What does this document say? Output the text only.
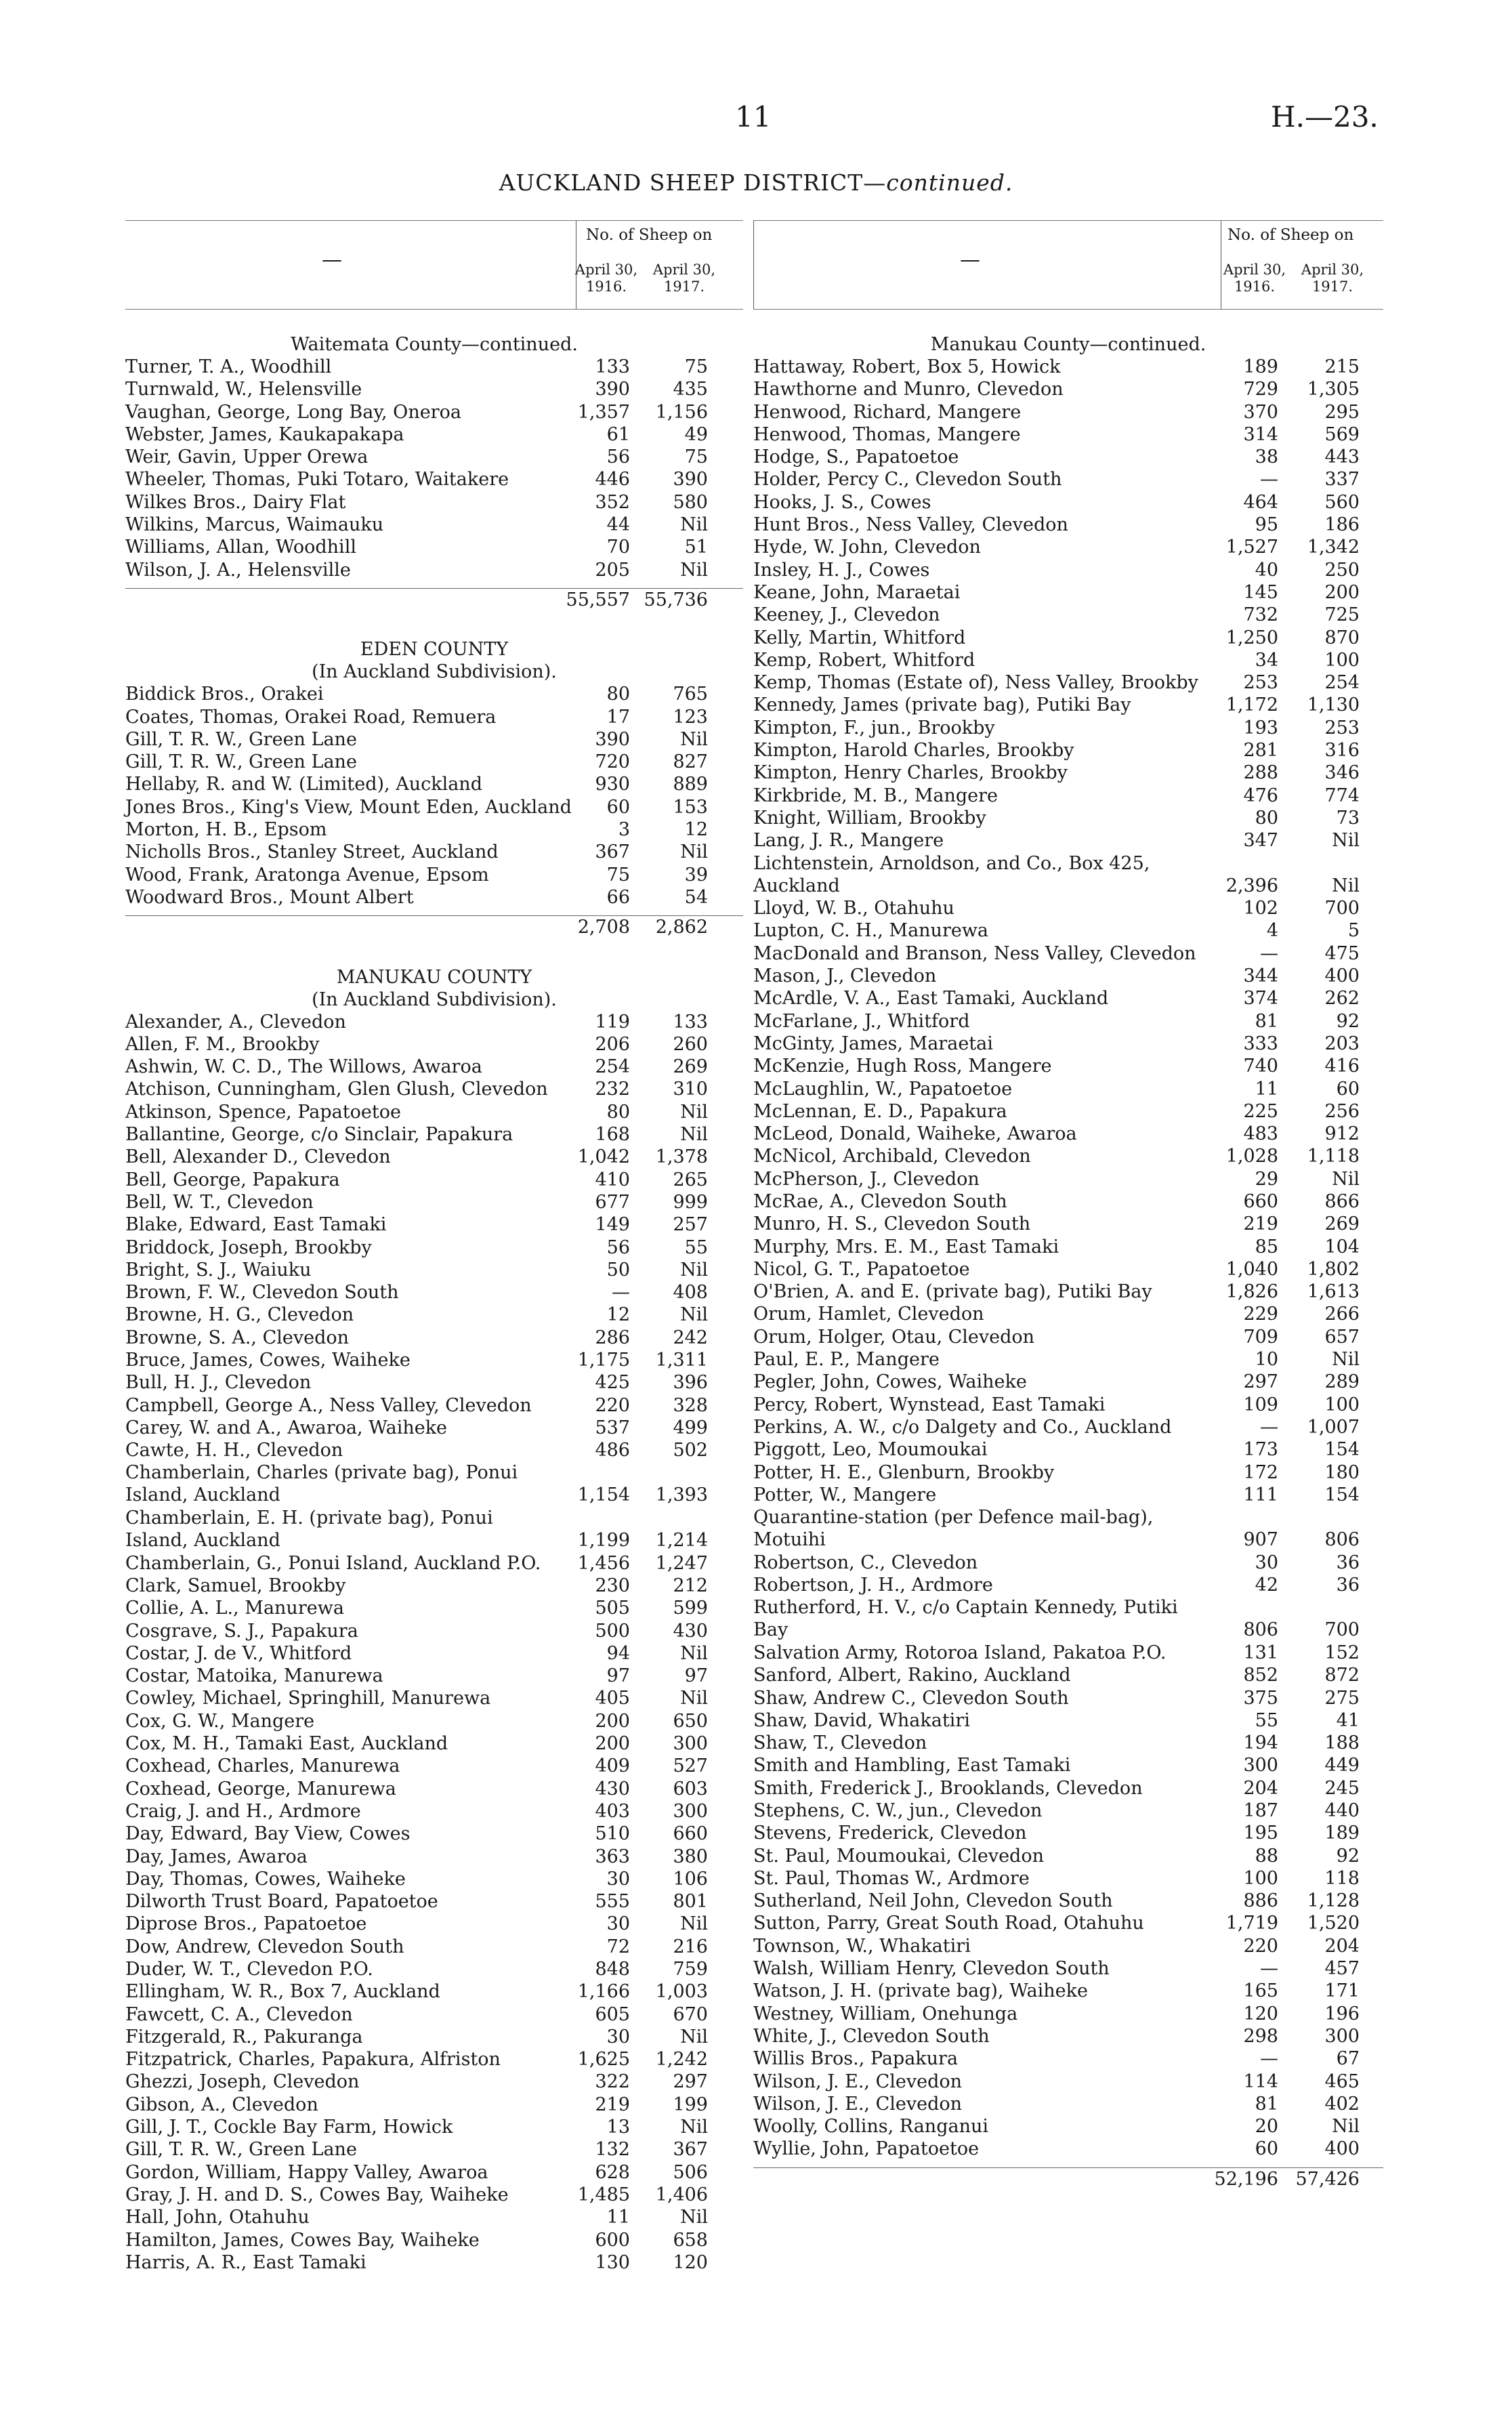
11	H.—23.
AUCKLAND SHEEP DISTRICT—continued.
—
No. of Sheep on
April 30, 1916.
April 30, 1917.
Waitemata County—continued.
Turner, T. A., Woodhill	133	75
Turnwald, W., Helensville	390	435
Vaughan, George, Long Bay, Oneroa	1,357	1,156
Webster, James, Kaukapakapa	61	49
Weir, Gavin, Upper Orewa	56	75
Wheeler, Thomas, Puki Totaro, Waitakere	446	390
Wilkes Bros., Dairy Flat	352	580
Wilkins, Marcus, Waimauku	44	Nil
Williams, Allan, Woodhill	70	51
Wilson, J. A., Helensville	205	Nil
55,557 55,736
EDEN COUNTY
(In Auckland Subdivision).
Biddick Bros., Orakei	80	765
Coates, Thomas, Orakei Road, Remuera	17	123
Gill, T. R. W., Green Lane	390	Nil
Gill, T. R. W., Green Lane	720	827
Hellaby, R. and W. (Limited), Auckland	930	889
Jones Bros., King's View, Mount Eden, Auckland	60	153
Morton, H. B., Epsom	3	12
Nicholls Bros., Stanley Street, Auckland	367	Nil
Wood, Frank, Aratonga Avenue, Epsom	75	39
Woodward Bros., Mount Albert	66	54
2,708	2,862
MANUKAU COUNTY
(In Auckland Subdivision).
Alexander, A., Clevedon	119	133
Allen, F. M., Brookby	206	260
Ashwin, W. C. D., The Willows, Awaroa	254	269
Atchison, Cunningham, Glen Glush, Clevedon	232	310
Atkinson, Spence, Papatoetoe	80	Nil
Ballantine, George, c/o Sinclair, Papakura	168	Nil
Bell, Alexander D., Clevedon	1,042	1,378
Bell, George, Papakura	410	265
Bell, W. T., Clevedon	677	999
Blake, Edward, East Tamaki	149	257
Briddock, Joseph, Brookby	56	55
Bright, S. J., Waiuku	50	Nil
Brown, F. W., Clevedon South	—	408
Browne, H. G., Clevedon	12	Nil
Browne, S. A., Clevedon	286	242
Bruce, James, Cowes, Waiheke	1,175	1,311
Bull, H. J., Clevedon	425	396
Campbell, George A., Ness Valley, Clevedon	220	328
Carey, W. and A., Awaroa, Waiheke	537	499
Cawte, H. H., Clevedon	486	502
Chamberlain, Charles (private bag), Ponui Island, Auckland	1,154	1,393
Chamberlain, E. H. (private bag), Ponui Island, Auckland	1,199	1,214
Chamberlain, G., Ponui Island, Auckland P.O.	1,456	1,247
Clark, Samuel, Brookby	230	212
Collie, A. L., Manurewa	505	599
Cosgrave, S. J., Papakura	500	430
Costar, J. de V., Whitford	94	Nil
Costar, Matoika, Manurewa	97	97
Cowley, Michael, Springhill, Manurewa	405	Nil
Cox, G. W., Mangere	200	650
Cox, M. H., Tamaki East, Auckland	200	300
Coxhead, Charles, Manurewa	409	527
Coxhead, George, Manurewa	430	603
Craig, J. and H., Ardmore	403	300
Day, Edward, Bay View, Cowes	510	660
Day, James, Awaroa	363	380
Day, Thomas, Cowes, Waiheke	30	106
Dilworth Trust Board, Papatoetoe	555	801
Diprose Bros., Papatoetoe	30	Nil
Dow, Andrew, Clevedon South	72	216
Duder, W. T., Clevedon P.O.	848	759
Ellingham, W. R., Box 7, Auckland	1,166	1,003
Fawcett, C. A., Clevedon	605	670
Fitzgerald, R., Pakuranga	30	Nil
Fitzpatrick, Charles, Papakura, Alfriston	1,625	1,242
Ghezzi, Joseph, Clevedon	322	297
Gibson, A., Clevedon	219	199
Gill, J. T., Cockle Bay Farm, Howick	13	Nil
Gill, T. R. W., Green Lane	132	367
Gordon, William, Happy Valley, Awaroa	628	506
Gray, J. H. and D. S., Cowes Bay, Waiheke	1,485	1,406
Hall, John, Otahuhu	11	Nil
Hamilton, James, Cowes Bay, Waiheke	600	658
Harris, A. R., East Tamaki	130	120
—
No. of Sheep on
April 30, 1916.
April 30, 1917.
Manukau County—continued.
Hattaway, Robert, Box 5, Howick	189	215
Hawthorne and Munro, Clevedon	729	1,305
Henwood, Richard, Mangere	370	295
Henwood, Thomas, Mangere	314	569
Hodge, S., Papatoetoe	38	443
Holder, Percy C., Clevedon South	—	337
Hooks, J. S., Cowes	464	560
Hunt Bros., Ness Valley, Clevedon	95	186
Hyde, W. John, Clevedon	1,527	1,342
Insley, H. J., Cowes	40	250
Keane, John, Maraetai	145	200
Keeney, J., Clevedon	732	725
Kelly, Martin, Whitford	1,250	870
Kemp, Robert, Whitford	34	100
Kemp, Thomas (Estate of), Ness Valley, Brookby	253	254
Kennedy, James (private bag), Putiki Bay	1,172	1,130
Kimpton, F., jun., Brookby	193	253
Kimpton, Harold Charles, Brookby	281	316
Kimpton, Henry Charles, Brookby	288	346
Kirkbride, M. B., Mangere	476	774
Knight, William, Brookby	80	73
Lang, J. R., Mangere	347	Nil
Lichtenstein, Arnoldson, and Co., Box 425, Auckland	2,396	Nil
Lloyd, W. B., Otahuhu	102	700
Lupton, C. H., Manurewa	4	5
MacDonald and Branson, Ness Valley, Clevedon	—	475
Mason, J., Clevedon	344	400
McArdle, V. A., East Tamaki, Auckland	374	262
McFarlane, J., Whitford	81	92
McGinty, James, Maraetai	333	203
McKenzie, Hugh Ross, Mangere	740	416
McLaughlin, W., Papatoetoe	11	60
McLennan, E. D., Papakura	225	256
McLeod, Donald, Waiheke, Awaroa	483	912
McNicol, Archibald, Clevedon	1,028	1,118
McPherson, J., Clevedon	29	Nil
McRae, A., Clevedon South	660	866
Munro, H. S., Clevedon South	219	269
Murphy, Mrs. E. M., East Tamaki	85	104
Nicol, G. T., Papatoetoe	1,040	1,802
O'Brien, A. and E. (private bag), Putiki Bay	1,826	1,613
Orum, Hamlet, Clevedon	229	266
Orum, Holger, Otau, Clevedon	709	657
Paul, E. P., Mangere	10	Nil
Pegler, John, Cowes, Waiheke	297	289
Percy, Robert, Wynstead, East Tamaki	109	100
Perkins, A. W., c/o Dalgety and Co., Auckland	—	1,007
Piggott, Leo, Moumoukai	173	154
Potter, H. E., Glenburn, Brookby	172	180
Potter, W., Mangere	111	154
Quarantine-station (per Defence mail-bag), Motuihi	907	806
Robertson, C., Clevedon	30	36
Robertson, J. H., Ardmore	42	36
Rutherford, H. V., c/o Captain Kennedy, Putiki Bay	806	700
Salvation Army, Rotoroa Island, Pakatoa P.O.	131	152
Sanford, Albert, Rakino, Auckland	852	872
Shaw, Andrew C., Clevedon South	375	275
Shaw, David, Whakatiri	55	41
Shaw, T., Clevedon	194	188
Smith and Hambling, East Tamaki	300	449
Smith, Frederick J., Brooklands, Clevedon	204	245
Stephens, C. W., jun., Clevedon	187	440
Stevens, Frederick, Clevedon	195	189
St. Paul, Moumoukai, Clevedon	88	92
St. Paul, Thomas W., Ardmore	100	118
Sutherland, Neil John, Clevedon South	886	1,128
Sutton, Parry, Great South Road, Otahuhu	1,719	1,520
Townson, W., Whakatiri	220	204
Walsh, William Henry, Clevedon South	—	457
Watson, J. H. (private bag), Waiheke	165	171
Westney, William, Onehunga	120	196
White, J., Clevedon South	298	300
Willis Bros., Papakura	—	67
Wilson, J. E., Clevedon	114	465
Wilson, J. E., Clevedon	81	402
Woolly, Collins, Ranganui	20	Nil
Wyllie, John, Papatoetoe	60	400
52,196 57,426
